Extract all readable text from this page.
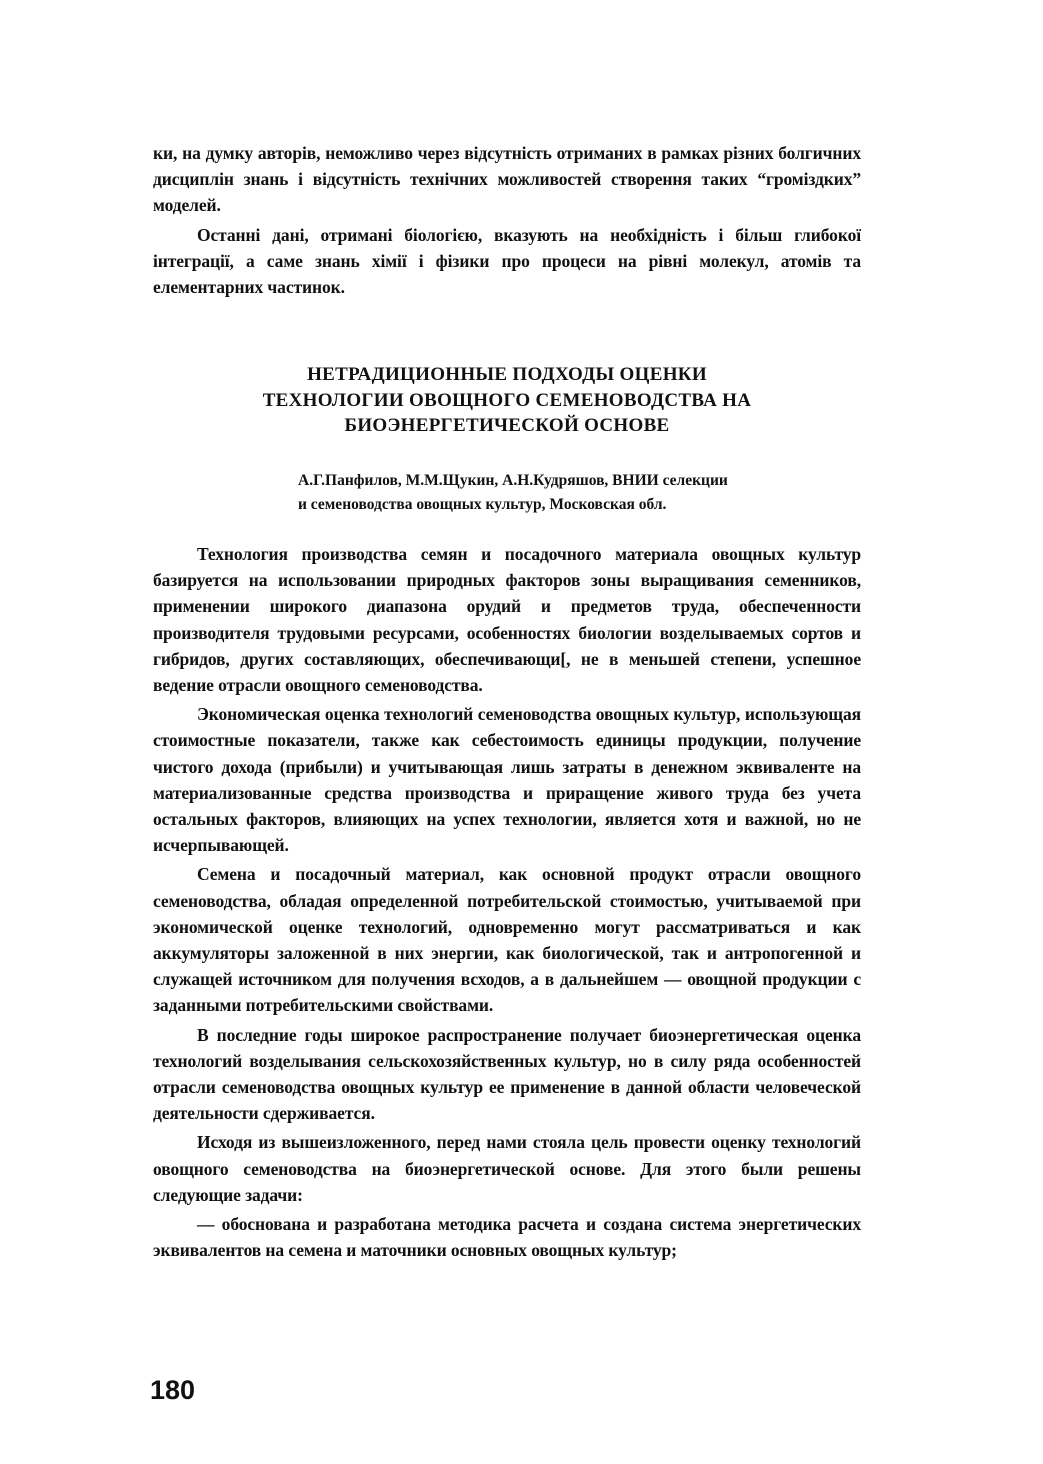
ки, на думку авторів, неможливо через відсутність отриманих в рамках різних болгичних дисциплін знань і відсутність технічних можливостей створення таких “громіздких” моделей.

Останні дані, отримані біологією, вказують на необхідність і більш глибокої інтеграції, а саме знань хімії і фізики про процеси на рівні молекул, атомів та елементарних частинок.

НЕТРАДИЦИОННЫЕ ПОДХОДЫ ОЦЕНКИ
ТЕХНОЛОГИИ ОВОЩНОГО СЕМЕНОВОДСТВА НА
БИОЭНЕРГЕТИЧЕСКОЙ ОСНОВЕ

А.Г.Панфилов, М.М.Щукин, А.Н.Кудряшов, ВНИИ селекции
и семеноводства овощных культур, Московская обл.

Технология производства семян и посадочного материала овощных культур базируется на использовании природных факторов зоны выращивания семенников, применении широкого диапазона орудий и предметов труда, обеспеченности производителя трудовыми ресурсами, особенностях биологии возделываемых сортов и гибридов, других составляющих, обеспечивающи[, не в меньшей степени, успешное ведение отрасли овощного семеноводства.

Экономическая оценка технологий семеноводства овощных культур, использующая стоимостные показатели, также как себестоимость единицы продукции, получение чистого дохода (прибыли) и учитывающая лишь затраты в денежном эквиваленте на материализованные средства производства и приращение живого труда без учета остальных факторов, влияющих на успех технологии, является хотя и важной, но не исчерпывающей.

Семена и посадочный материал, как основной продукт отрасли овощного семеноводства, обладая определенной потребительской стоимостью, учитываемой при экономической оценке технологий, одновременно могут рассматриваться и как аккумуляторы заложенной в них энергии, как биологической, так и антропогенной и служащей источником для получения всходов, а в дальнейшем — овощной продукции с заданными потребительскими свойствами.

В последние годы широкое распространение получает биоэнергетическая оценка технологий возделывания сельскохозяйственных культур, но в силу ряда особенностей отрасли семеноводства овощных культур ее применение в данной области человеческой деятельности сдерживается.

Исходя из вышеизложенного, перед нами стояла цель провести оценку технологий овощного семеноводства на биоэнергетической основе. Для этого были решены следующие задачи:

— обоснована и разработана методика расчета и создана система энергетических эквивалентов на семена и маточники основных овощных культур;

180
